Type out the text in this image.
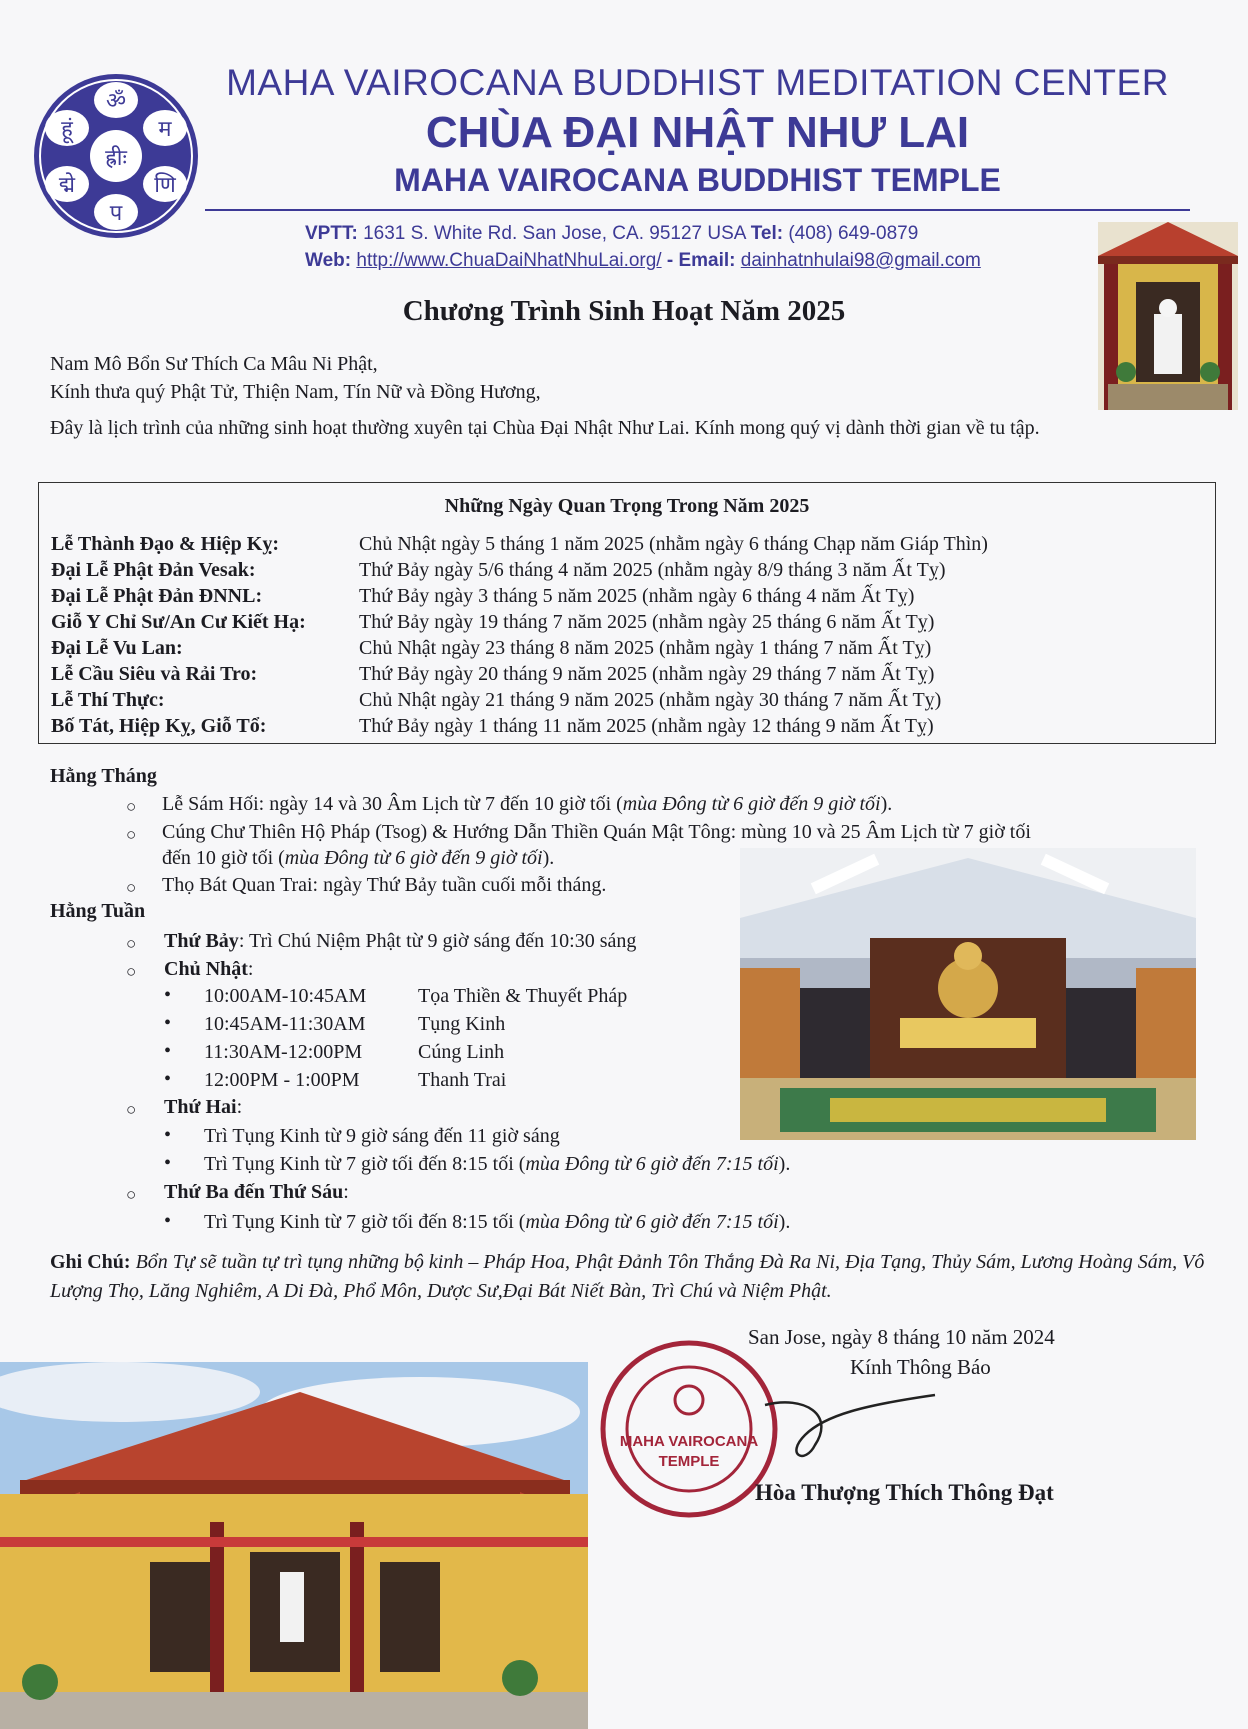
ॐ
म
णि
प
द्मे
हूं
ह्रीः
MAHA VAIROCANA BUDDHIST MEDITATION CENTER
CHÙA ĐẠI NHẬT NHƯ LAI
MAHA VAIROCANA BUDDHIST TEMPLE
VPTT: 1631 S. White Rd. San Jose, CA. 95127 USA Tel: (408) 649-0879
Web: http://www.ChuaDaiNhatNhuLai.org/ - Email: dainhatnhulai98@gmail.com
Chương Trình Sinh Hoạt Năm 2025
Nam Mô Bổn Sư Thích Ca Mâu Ni Phật,
Kính thưa quý Phật Tử, Thiện Nam, Tín Nữ và Đồng Hương,
Đây là lịch trình của những sinh hoạt thường xuyên tại Chùa Đại Nhật Như Lai. Kính mong quý vị dành thời gian về tu tập.
Những Ngày Quan Trọng Trong Năm 2025
Lễ Thành Đạo & Hiệp Kỵ:	Chủ Nhật ngày 5 tháng 1 năm 2025 (nhằm ngày 6 tháng Chạp năm Giáp Thìn)
Đại Lễ Phật Đản Vesak:	Thứ Bảy ngày 5/6 tháng 4 năm 2025 (nhằm ngày 8/9 tháng 3 năm Ất Tỵ)
Đại Lễ Phật Đản ĐNNL:	Thứ Bảy ngày 3 tháng 5 năm 2025 (nhằm ngày 6 tháng 4 năm Ất Tỵ)
Giỗ Y Chỉ Sư/An Cư Kiết Hạ:	Thứ Bảy ngày 19 tháng 7 năm 2025 (nhằm ngày 25 tháng 6 năm Ất Tỵ)
Đại Lễ Vu Lan:	Chủ Nhật ngày 23 tháng 8 năm 2025 (nhằm ngày 1 tháng 7 năm Ất Tỵ)
Lễ Cầu Siêu và Rải Tro:	Thứ Bảy ngày 20 tháng 9 năm 2025 (nhằm ngày 29 tháng 7 năm Ất Tỵ)
Lễ Thí Thực:	Chủ Nhật ngày 21 tháng 9 năm 2025 (nhằm ngày 30 tháng 7 năm Ất Tỵ)
Bố Tát, Hiệp Kỵ, Giỗ Tổ:	Thứ Bảy ngày 1 tháng 11 năm 2025 (nhằm ngày 12 tháng 9 năm Ất Tỵ)
Hằng Tháng
○ Lễ Sám Hối: ngày 14 và 30 Âm Lịch từ 7 đến 10 giờ tối (mùa Đông từ 6 giờ đến 9 giờ tối).
○ Cúng Chư Thiên Hộ Pháp (Tsog) & Hướng Dẫn Thiền Quán Mật Tông: mùng 10 và 25 Âm Lịch từ 7 giờ tối
đến 10 giờ tối (mùa Đông từ 6 giờ đến 9 giờ tối).
○ Thọ Bát Quan Trai: ngày Thứ Bảy tuần cuối mỗi tháng.
Hằng Tuần
○ Thứ Bảy: Trì Chú Niệm Phật từ 9 giờ sáng đến 10:30 sáng
○ Chủ Nhật:
• 10:00AM-10:45AM	Tọa Thiền & Thuyết Pháp
• 10:45AM-11:30AM	Tụng Kinh
• 11:30AM-12:00PM	Cúng Linh
• 12:00PM - 1:00PM	Thanh Trai
○ Thứ Hai:
• Trì Tụng Kinh từ 9 giờ sáng đến 11 giờ sáng
• Trì Tụng Kinh từ 7 giờ tối đến 8:15 tối (mùa Đông từ 6 giờ đến 7:15 tối).
○ Thứ Ba đến Thứ Sáu:
• Trì Tụng Kinh từ 7 giờ tối đến 8:15 tối (mùa Đông từ 6 giờ đến 7:15 tối).
Ghi Chú: Bổn Tự sẽ tuần tự trì tụng những bộ kinh – Pháp Hoa, Phật Đảnh Tôn Thắng Đà Ra Ni, Địa Tạng, Thủy Sám, Lương Hoàng Sám, Vô Lượng Thọ, Lăng Nghiêm, A Di Đà, Phổ Môn, Dược Sư,Đại Bát Niết Bàn, Trì Chú và Niệm Phật.
San Jose, ngày 8 tháng 10 năm 2024
Kính Thông Báo
MAHA VAIROCANA
TEMPLE
Hòa Thượng Thích Thông Đạt
